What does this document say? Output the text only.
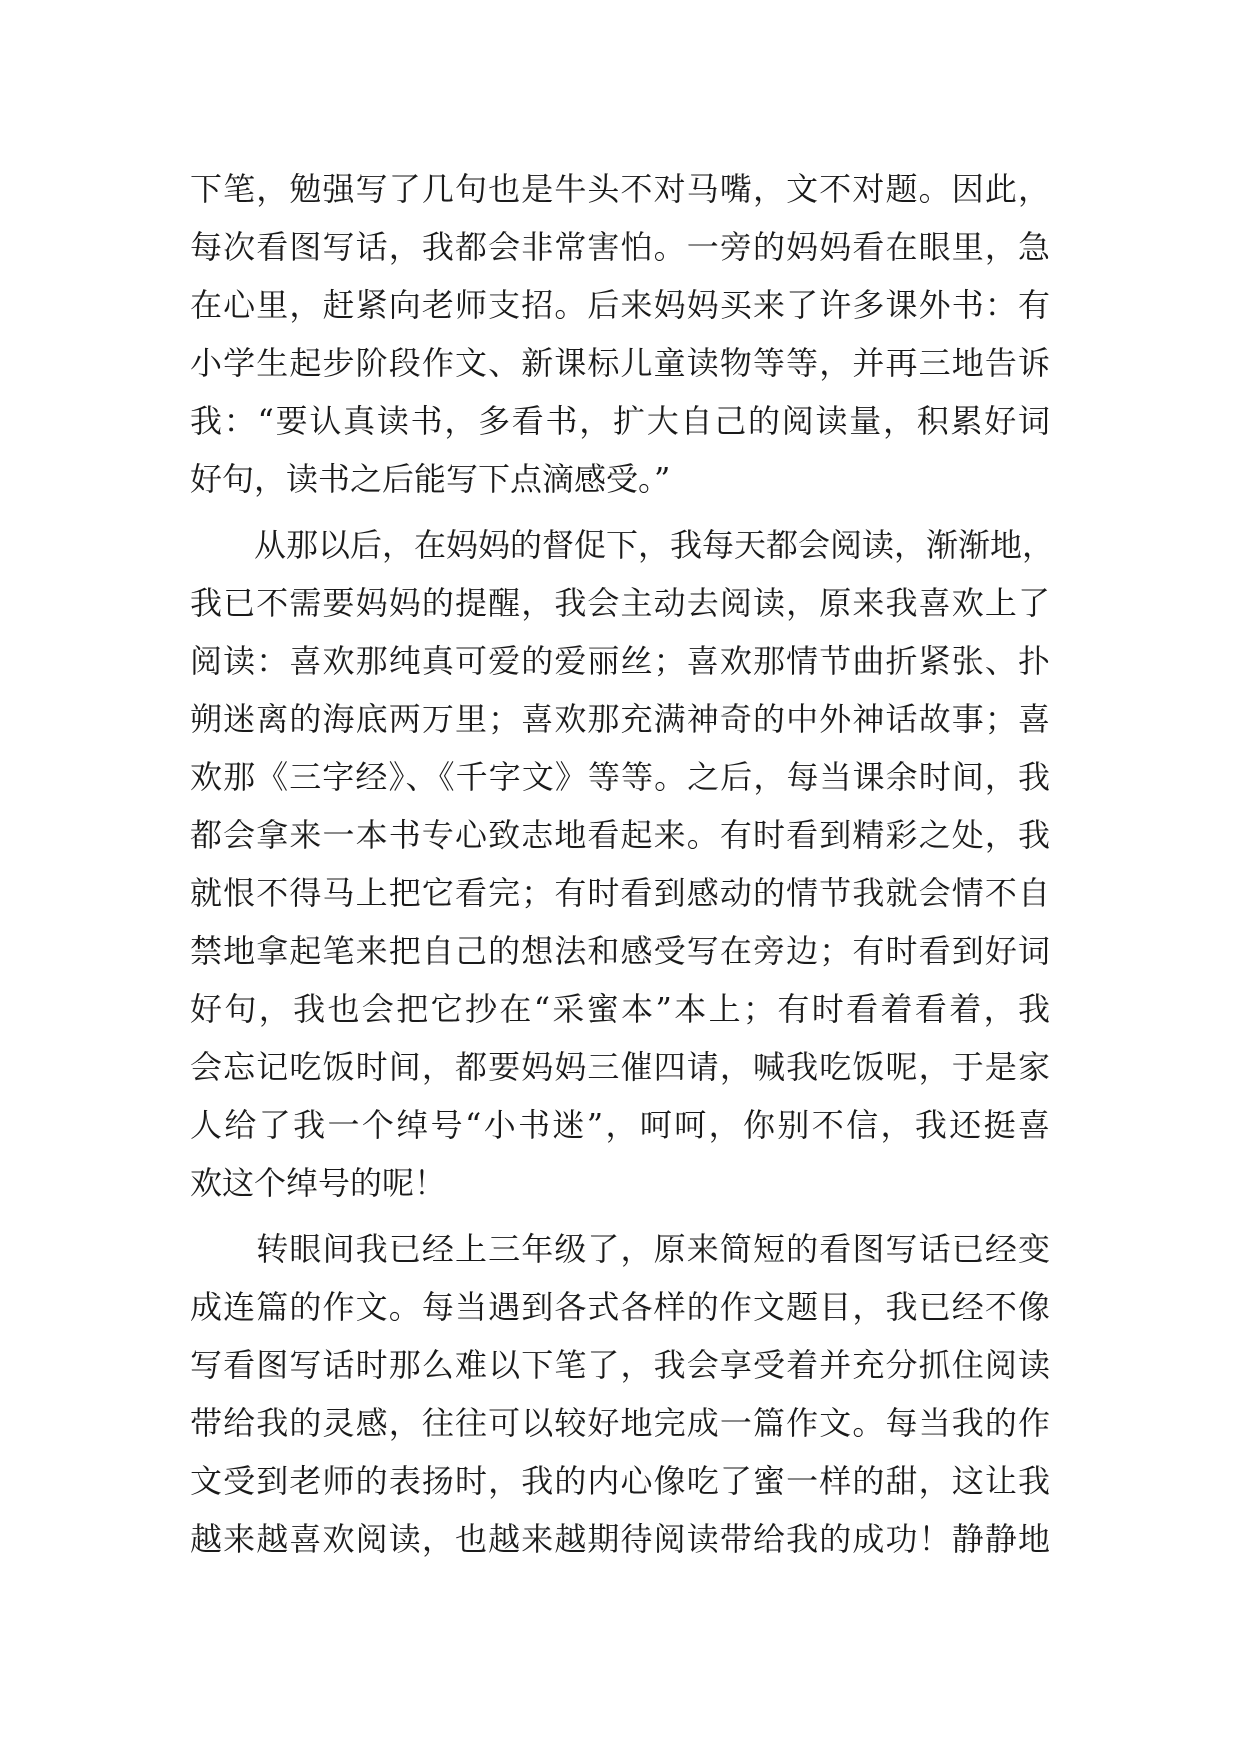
下笔，勉强写了几句也是牛头不对马嘴，文不对题。因此，
每次看图写话，我都会非常害怕。一旁的妈妈看在眼里，急
在心里，赶紧向老师支招。后来妈妈买来了许多课外书：有
小学生起步阶段作文、新课标儿童读物等等，并再三地告诉
我：“要认真读书，多看书，扩大自己的阅读量，积累好词
好句，读书之后能写下点滴感受。”
　　从那以后，在妈妈的督促下，我每天都会阅读，渐渐地，
我已不需要妈妈的提醒，我会主动去阅读，原来我喜欢上了
阅读：喜欢那纯真可爱的爱丽丝；喜欢那情节曲折紧张、扑
朔迷离的海底两万里；喜欢那充满神奇的中外神话故事；喜
欢那《三字经》、《千字文》等等。之后，每当课余时间，我
都会拿来一本书专心致志地看起来。有时看到精彩之处，我
就恨不得马上把它看完；有时看到感动的情节我就会情不自
禁地拿起笔来把自己的想法和感受写在旁边；有时看到好词
好句，我也会把它抄在“采蜜本”本上；有时看着看着，我
会忘记吃饭时间，都要妈妈三催四请，喊我吃饭呢，于是家
人给了我一个绰号“小书迷”，呵呵，你别不信，我还挺喜
欢这个绰号的呢！
　　转眼间我已经上三年级了，原来简短的看图写话已经变
成连篇的作文。每当遇到各式各样的作文题目，我已经不像
写看图写话时那么难以下笔了，我会享受着并充分抓住阅读
带给我的灵感，往往可以较好地完成一篇作文。每当我的作
文受到老师的表扬时，我的内心像吃了蜜一样的甜，这让我
越来越喜欢阅读，也越来越期待阅读带给我的成功！静静地
